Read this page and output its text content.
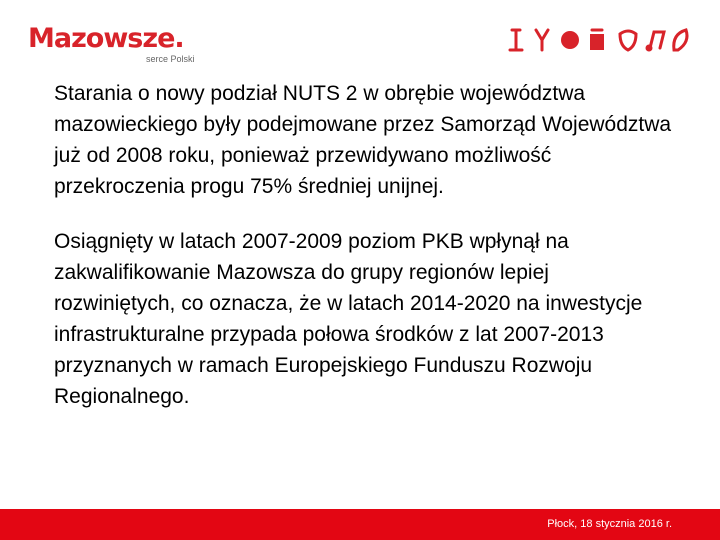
Mazowsze.
serce Polski

Starania o nowy podział NUTS 2 w obrębie województwa mazowieckiego były podejmowane przez Samorząd Województwa już od 2008 roku, ponieważ przewidywano możliwość przekroczenia progu 75% średniej unijnej.

Osiągnięty w latach 2007-2009 poziom PKB wpłynął na zakwalifikowanie Mazowsza do grupy regionów lepiej rozwiniętych, co oznacza, że w latach 2014-2020 na inwestycje infrastrukturalne przypada połowa środków z lat 2007-2013 przyznanych w ramach Europejskiego Funduszu Rozwoju Regionalnego.

Płock, 18 stycznia 2016 r.
